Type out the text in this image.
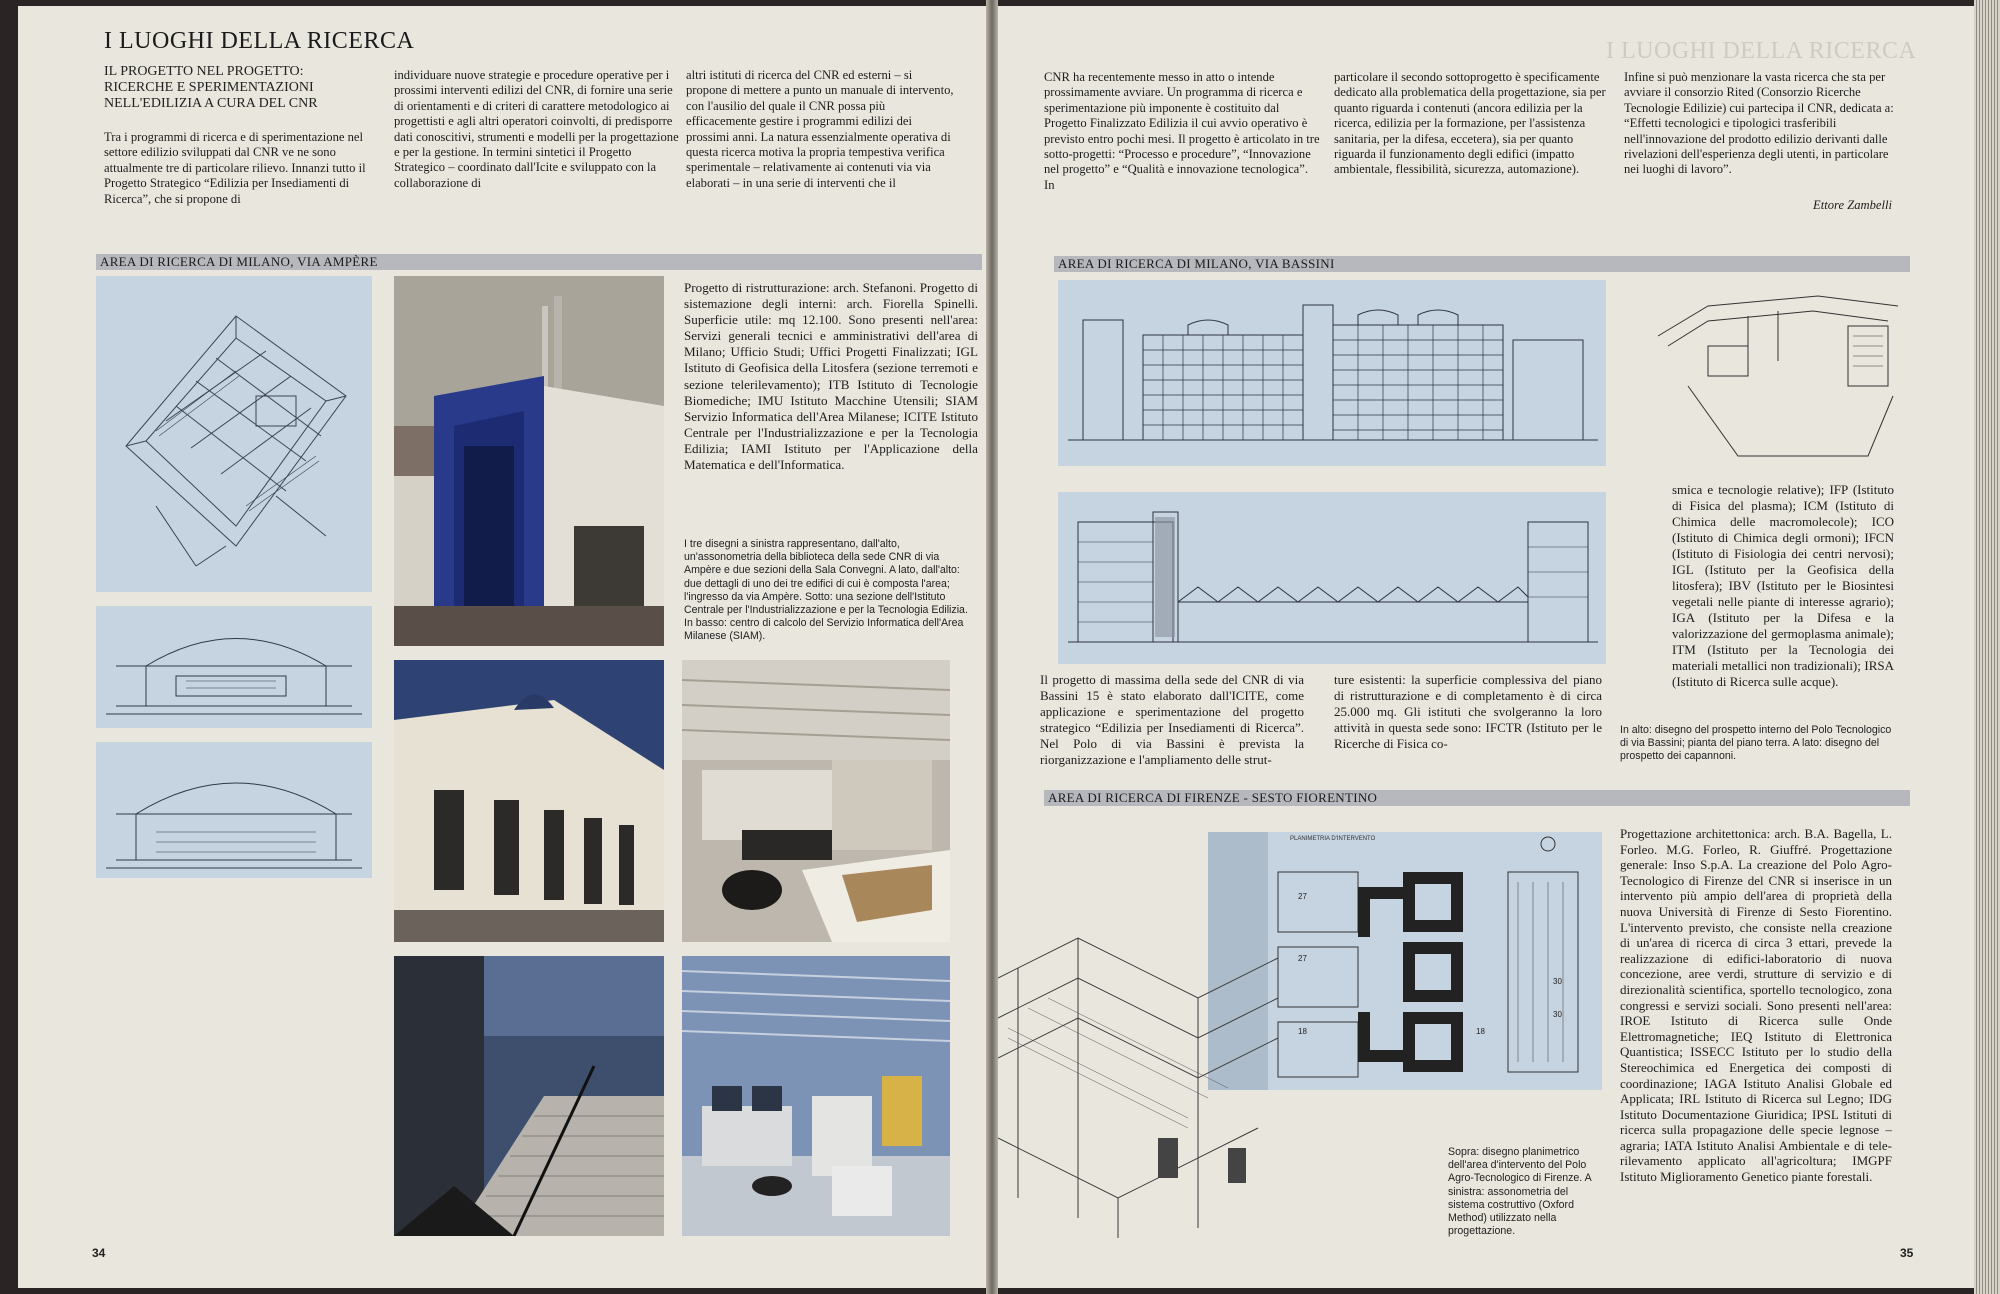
I LUOGHI DELLA RICERCA
IL PROGETTO NEL PROGETTO: RICERCHE E SPERIMENTAZIONI NELL'EDILIZIA A CURA DEL CNR
Tra i programmi di ricerca e di sperimentazione nel settore edilizio sviluppati dal CNR ve ne sono attualmente tre di particolare rilievo. Innanzi tutto il Progetto Strategico “Edilizia per Insediamenti di Ricerca”, che si propone di
individuare nuove strategie e procedure operative per i prossimi interventi edilizi del CNR, di fornire una serie di orientamenti e di criteri di carattere metodologico ai progettisti e agli altri operatori coinvolti, di predisporre dati conoscitivi, strumenti e modelli per la progettazione e per la gestione. In termini sintetici il Progetto Strategico – coordinato dall'Icite e sviluppato con la collaborazione di
altri istituti di ricerca del CNR ed esterni – si propone di mettere a punto un manuale di intervento, con l'ausilio del quale il CNR possa più efficacemente gestire i programmi edilizi dei prossimi anni. La natura essenzialmente operativa di questa ricerca motiva la propria tempestiva verifica sperimentale – relativamente ai contenuti via via elaborati – in una serie di interventi che il
AREA DI RICERCA DI MILANO, VIA AMPÈRE
Progetto di ristrutturazione: arch. Stefanoni. Progetto di sistemazione degli interni: arch. Fiorella Spinelli. Superficie utile: mq 12.100. Sono presenti nell'area: Servizi generali tecnici e amministrativi dell'area di Milano; Ufficio Studi; Uffici Progetti Finalizzati; IGL Istituto di Geofisica della Litosfera (sezione terremoti e sezione telerilevamento); ITB Istituto di Tecnologie Biomediche; IMU Istituto Macchine Utensili; SIAM Servizio Informatica dell'Area Milanese; ICITE Istituto Centrale per l'Industrializzazione e per la Tecnologia Edilizia; IAMI Istituto per l'Applicazione della Matematica e dell'Informatica.
I tre disegni a sinistra rappresentano, dall'alto, un'assonometria della biblioteca della sede CNR di via Ampère e due sezioni della Sala Convegni. A lato, dall'alto: due dettagli di uno dei tre edifici di cui è composta l'area; l'ingresso da via Ampère. Sotto: una sezione dell'Istituto Centrale per l'Industrializzazione e per la Tecnologia Edilizia. In basso: centro di calcolo del Servizio Informatica dell'Area Milanese (SIAM).
34
I LUOGHI DELLA RICERCA
CNR ha recentemente messo in atto o intende prossimamente avviare. Un programma di ricerca e sperimentazione più imponente è costituito dal Progetto Finalizzato Edilizia il cui avvio operativo è previsto entro pochi mesi. Il progetto è articolato in tre sotto-progetti: “Processo e procedure”, “Innovazione nel progetto” e “Qualità e innovazione tecnologica”. In
particolare il secondo sottoprogetto è specificamente dedicato alla problematica della progettazione, sia per quanto riguarda i contenuti (ancora edilizia per la ricerca, edilizia per la formazione, per l'assistenza sanitaria, per la difesa, eccetera), sia per quanto riguarda il funzionamento degli edifici (impatto ambientale, flessibilità, sicurezza, automazione).
Infine si può menzionare la vasta ricerca che sta per avviare il consorzio Rited (Consorzio Ricerche Tecnologie Edilizie) cui partecipa il CNR, dedicata a: “Effetti tecnologici e tipologici trasferibili nell'innovazione del prodotto edilizio derivanti dalle rivelazioni dell'esperienza degli utenti, in particolare nei luoghi di lavoro”.
Ettore Zambelli
AREA DI RICERCA DI MILANO, VIA BASSINI
Il progetto di massima della sede del CNR di via Bassini 15 è stato elaborato dall'ICITE, come applicazione e sperimentazione del progetto strategico “Edilizia per Insediamenti di Ricerca”. Nel Polo di via Bassini è prevista la riorganizzazione e l'ampliamento delle strut-
ture esistenti: la superficie complessiva del piano di ristrutturazione e di completamento è di circa 25.000 mq. Gli istituti che svolgeranno la loro attività in questa sede sono: IFCTR (Istituto per le Ricerche di Fisica co-
smica e tecnologie relative); IFP (Istituto di Fisica del plasma); ICM (Istituto di Chimica delle macromolecole); ICO (Istituto di Chimica degli ormoni); IFCN (Istituto di Fisiologia dei centri nervosi); IGL (Istituto per la Geofisica della litosfera); IBV (Istituto per le Biosintesi vegetali nelle piante di interesse agrario); IGA (Istituto per la Difesa e la valorizzazione del germoplasma animale); ITM (Istituto per la Tecnologia dei materiali metallici non tradizionali); IRSA (Istituto di Ricerca sulle acque).
In alto: disegno del prospetto interno del Polo Tecnologico di via Bassini; pianta del piano terra. A lato: disegno del prospetto dei capannoni.
AREA DI RICERCA DI FIRENZE - SESTO FIORENTINO
PLANIMETRIA D'INTERVENTO
27
27
18	18
30
30
Sopra: disegno planimetrico dell'area d'intervento del Polo Agro-Tecnologico di Firenze. A sinistra: assonometria del sistema costruttivo (Oxford Method) utilizzato nella progettazione.
Progettazione architettonica: arch. B.A. Bagella, L. Forleo. M.G. Forleo, R. Giuffré. Progettazione generale: Inso S.p.A. La creazione del Polo Agro-Tecnologico di Firenze del CNR si inserisce in un intervento più ampio dell'area di proprietà della nuova Università di Firenze di Sesto Fiorentino. L'intervento previsto, che consiste nella creazione di un'area di ricerca di circa 3 ettari, prevede la realizzazione di edifici-laboratorio di nuova concezione, aree verdi, strutture di servizio e di direzionalità scientifica, sportello tecnologico, zona congressi e servizi sociali. Sono presenti nell'area: IROE Istituto di Ricerca sulle Onde Elettromagnetiche; IEQ Istituto di Elettronica Quantistica; ISSECC Istituto per lo studio della Stereochimica ed Energetica dei composti di coordinazione; IAGA Istituto Analisi Globale ed Applicata; IRL Istituto di Ricerca sul Legno; IDG Istituto Documentazione Giuridica; IPSL Istituti di ricerca sulla propagazione delle specie legnose – agraria; IATA Istituto Analisi Ambientale e di tele-rilevamento applicato all'agricoltura; IMGPF Istituto Miglioramento Genetico piante forestali.
35
